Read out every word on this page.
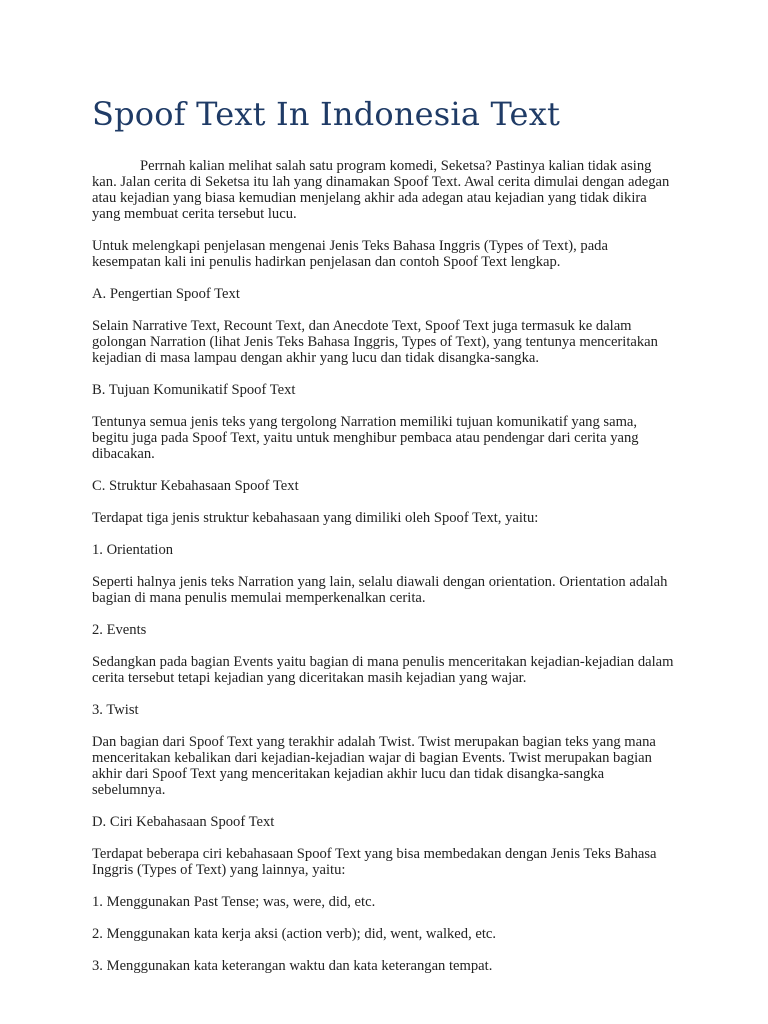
Spoof Text In Indonesia Text

Perrnah kalian melihat salah satu program komedi, Seketsa? Pastinya kalian tidak asing kan. Jalan cerita di Seketsa itu lah yang dinamakan Spoof Text. Awal cerita dimulai dengan adegan atau kejadian yang biasa kemudian menjelang akhir ada adegan atau kejadian yang tidak dikira yang membuat cerita tersebut lucu.

Untuk melengkapi penjelasan mengenai Jenis Teks Bahasa Inggris (Types of Text), pada kesempatan kali ini penulis hadirkan penjelasan dan contoh Spoof Text lengkap.

A. Pengertian Spoof Text

Selain Narrative Text, Recount Text, dan Anecdote Text, Spoof Text juga termasuk ke dalam golongan Narration (lihat Jenis Teks Bahasa Inggris, Types of Text), yang tentunya menceritakan kejadian di masa lampau dengan akhir yang lucu dan tidak disangka-sangka.

B. Tujuan Komunikatif Spoof Text

Tentunya semua jenis teks yang tergolong Narration memiliki tujuan komunikatif yang sama, begitu juga pada Spoof Text, yaitu untuk menghibur pembaca atau pendengar dari cerita yang dibacakan.

C. Struktur Kebahasaan Spoof Text

Terdapat tiga jenis struktur kebahasaan yang dimiliki oleh Spoof Text, yaitu:

1. Orientation

Seperti halnya jenis teks Narration yang lain, selalu diawali dengan orientation. Orientation adalah bagian di mana penulis memulai memperkenalkan cerita.

2. Events

Sedangkan pada bagian Events yaitu bagian di mana penulis menceritakan kejadian-kejadian dalam cerita tersebut tetapi kejadian yang diceritakan masih kejadian yang wajar.

3. Twist

Dan bagian dari Spoof Text yang terakhir adalah Twist. Twist merupakan bagian teks yang mana menceritakan kebalikan dari kejadian-kejadian wajar di bagian Events. Twist merupakan bagian akhir dari Spoof Text yang menceritakan kejadian akhir lucu dan tidak disangka-sangka sebelumnya.

D. Ciri Kebahasaan Spoof Text

Terdapat beberapa ciri kebahasaan Spoof Text yang bisa membedakan dengan Jenis Teks Bahasa Inggris (Types of Text) yang lainnya, yaitu:

1. Menggunakan Past Tense; was, were, did, etc.

2. Menggunakan kata kerja aksi (action verb); did, went, walked, etc.

3. Menggunakan kata keterangan waktu dan kata keterangan tempat.
